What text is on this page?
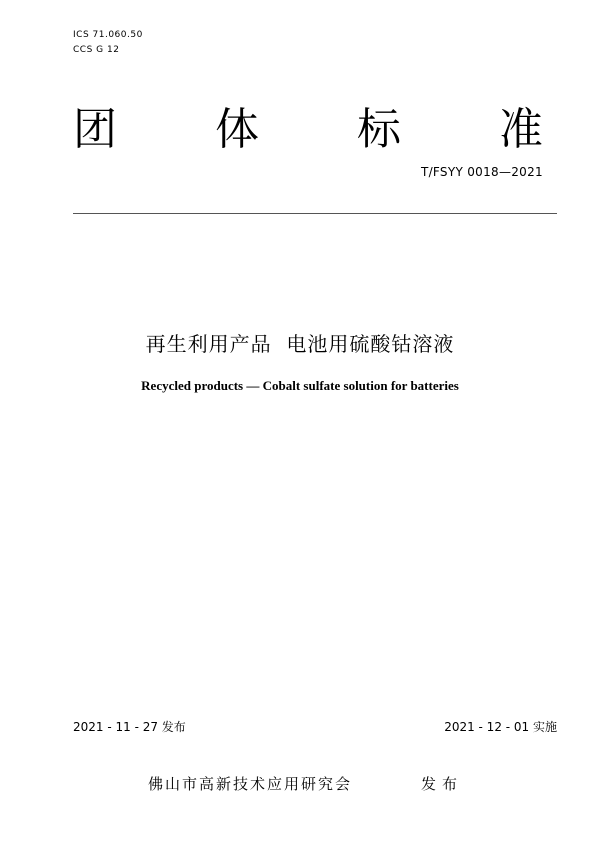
ICS 71.060.50
CCS G 12
团 体 标 准
T/FSYY 0018—2021
再生利用产品  电池用硫酸钴溶液
Recycled products — Cobalt sulfate solution for batteries
2021 - 11 - 27 发布	2021 - 12 - 01 实施
佛山市高新技术应用研究会	发布
